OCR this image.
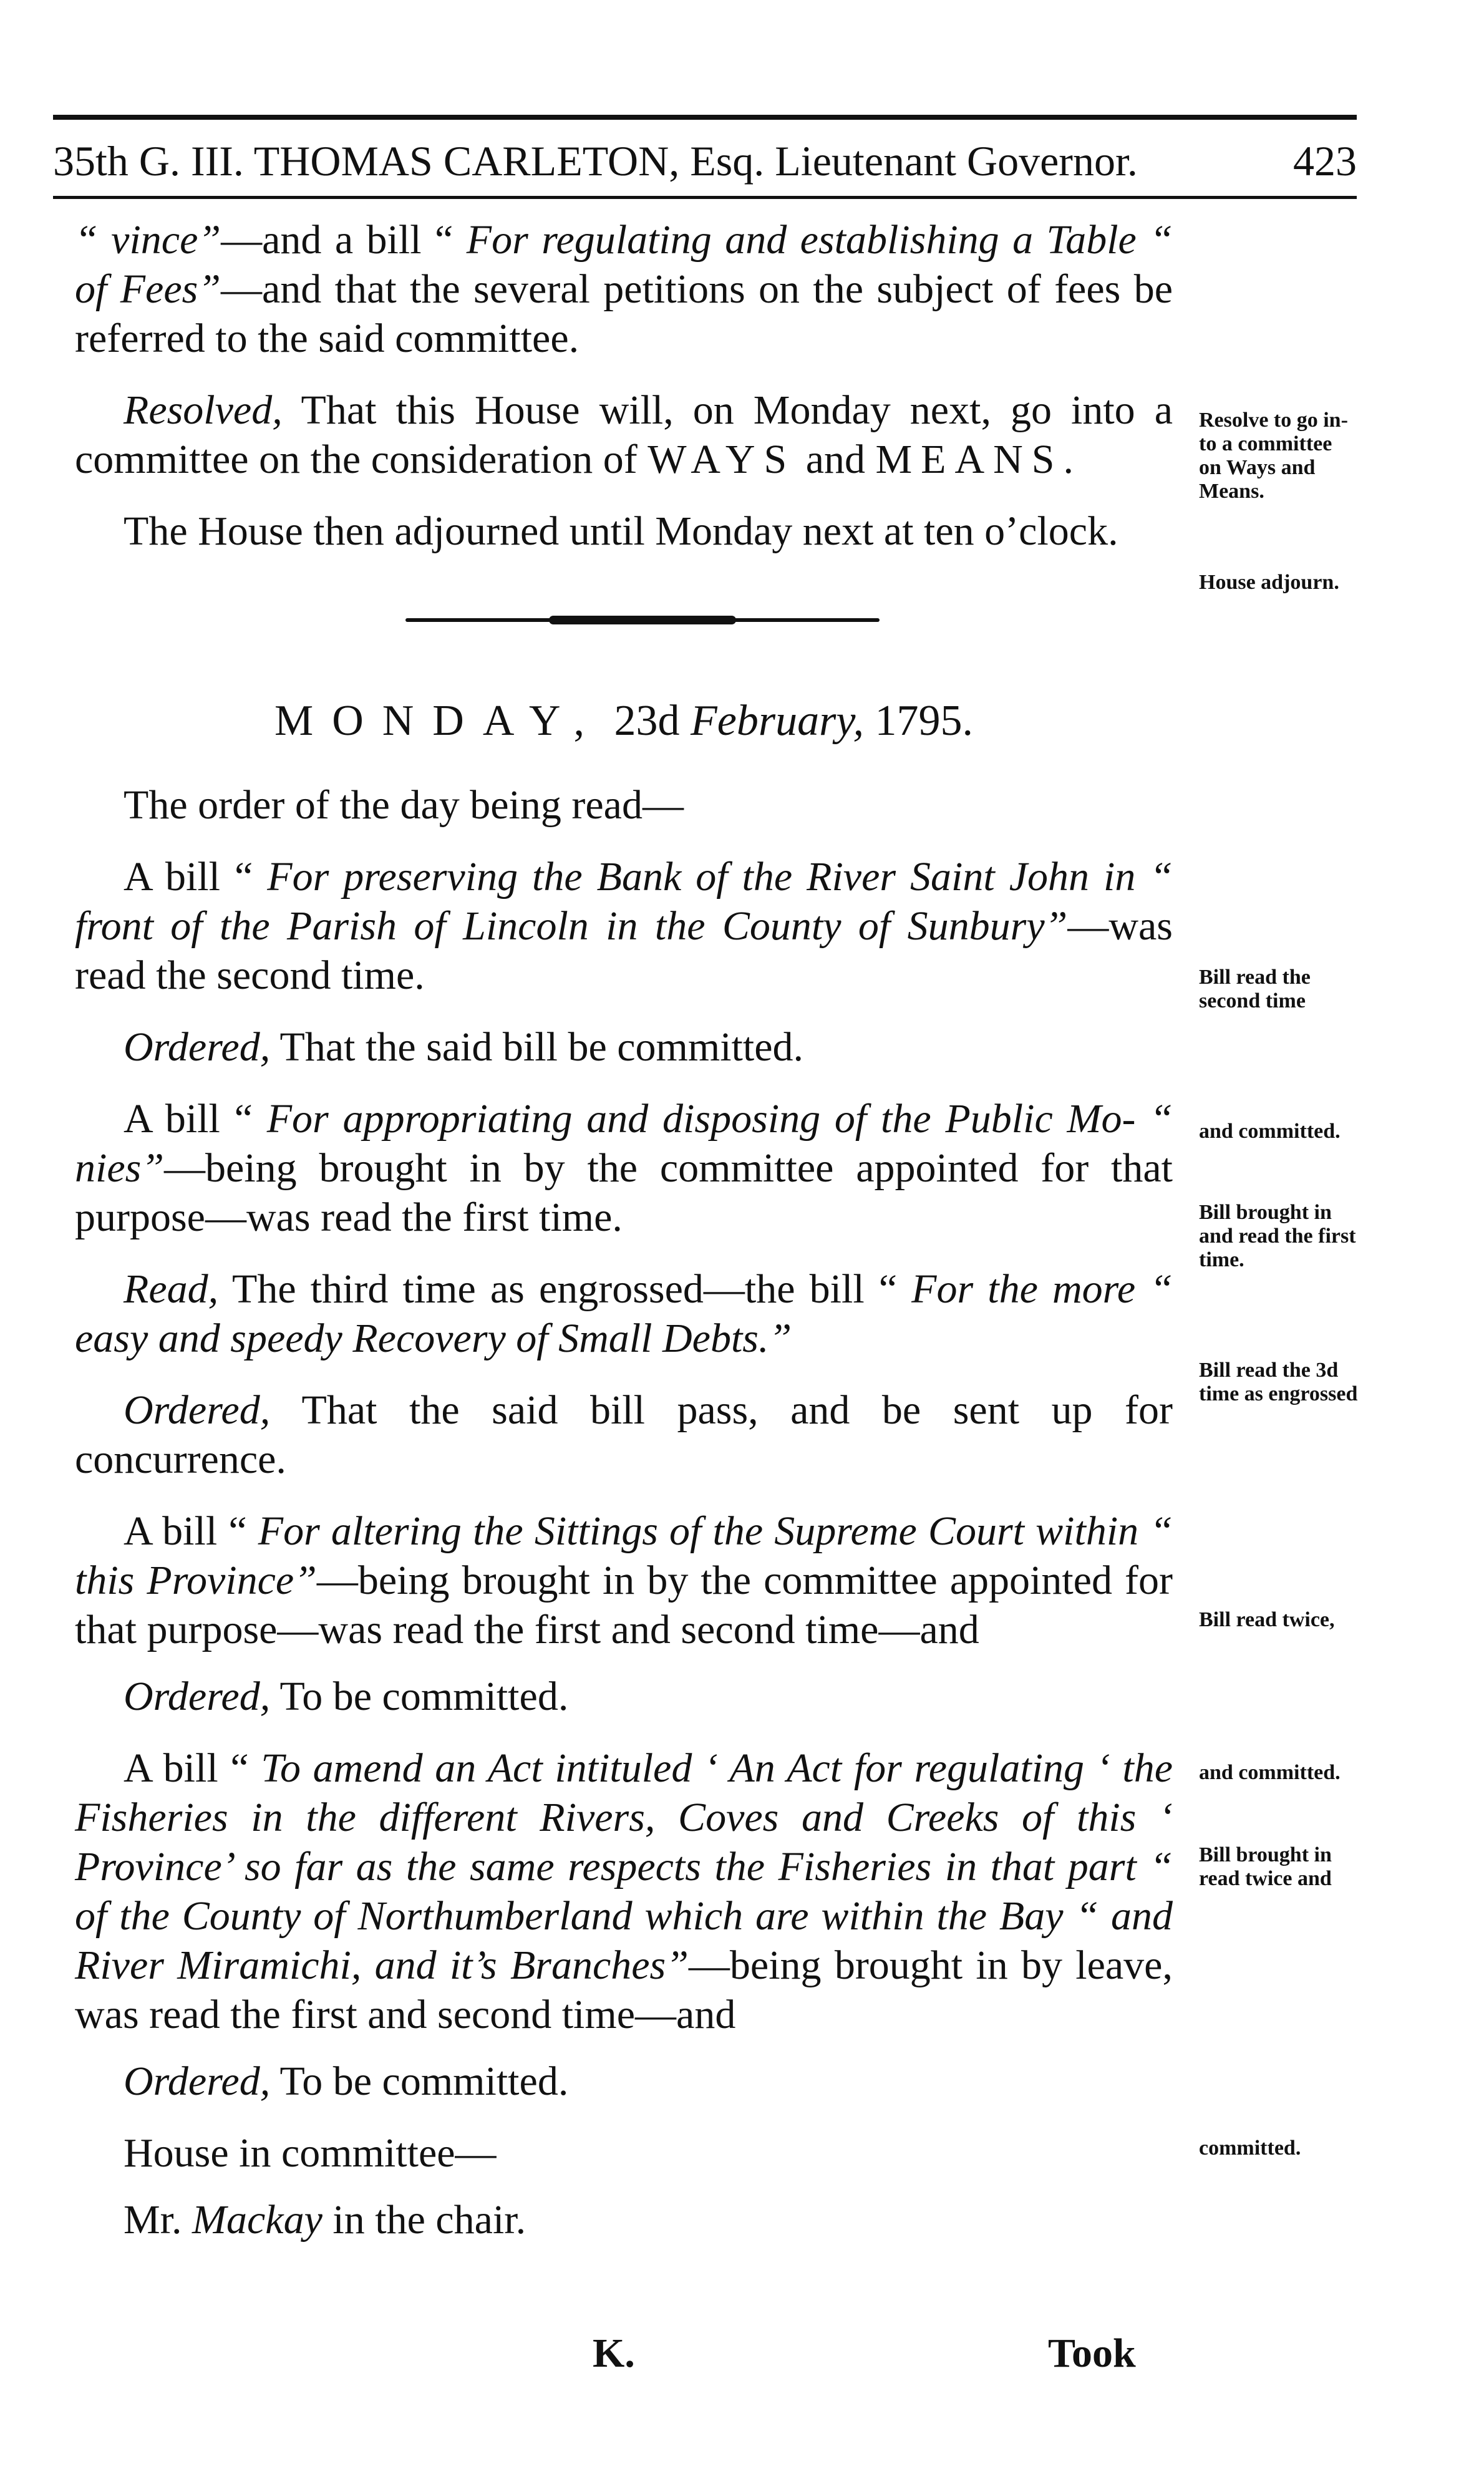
35th G. III. THOMAS CARLETON, Esq. Lieutenant Governor.	423

“ vince”—and a bill “ For regulating and establishing a Table “ of Fees”—and that the several petitions on the subject of fees be referred to the said committee.

Resolved, That this House will, on Monday next, go into a committee on the consideration of WAYS and MEANS.

The House then adjourned until Monday next at ten o’clock.

MONDAY, 23d February, 1795.

The order of the day being read—

A bill “ For preserving the Bank of the River Saint John in “ front of the Parish of Lincoln in the County of Sunbury”—was read the second time.

Ordered, That the said bill be committed.

A bill “ For appropriating and disposing of the Public Mo- “ nies”—being brought in by the committee appointed for that purpose—was read the first time.

Read, The third time as engrossed—the bill “ For the more “ easy and speedy Recovery of Small Debts.”

Ordered, That the said bill pass, and be sent up for concurrence.

A bill “ For altering the Sittings of the Supreme Court within “ this Province”—being brought in by the committee appointed for that purpose—was read the first and second time—and

Ordered, To be committed.

A bill “ To amend an Act intituled ‘ An Act for regulating ‘ the Fisheries in the different Rivers, Coves and Creeks of this ‘ Province’ so far as the same respects the Fisheries in that part “ of the County of Northumberland which are within the Bay “ and River Miramichi, and it’s Branches”—being brought in by leave, was read the first and second time—and

Ordered, To be committed.

House in committee—

Mr. Mackay in the chair.

Resolve to go in-
to a committee
on Ways and
Means.
House adjourn.
Bill read the
second time
and committed.
Bill brought in
and read the first
time.
Bill read the 3d
time as engrossed
Bill read twice,
and committed.
Bill brought in
read twice and
committed.
K.	Took
